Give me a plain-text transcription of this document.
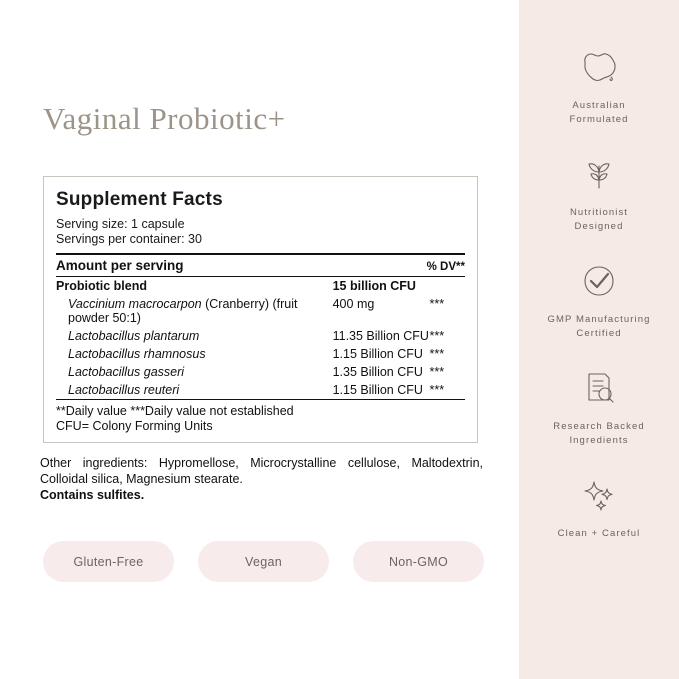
Vaginal Probiotic+
Supplement Facts
Serving size: 1 capsule
Servings per container: 30
Amount per serving	% DV**
Probiotic blend	15 billion CFU	
Vaccinium macrocarpon (Cranberry) (fruit powder 50:1)	400 mg	***
Lactobacillus plantarum	11.35 Billion CFU	***
Lactobacillus rhamnosus	1.15 Billion CFU	***
Lactobacillus gasseri	1.35 Billion CFU	***
Lactobacillus reuteri	1.15 Billion CFU	***
**Daily value ***Daily value not established
CFU= Colony Forming Units
Other ingredients: Hypromellose, Microcrystalline cellulose, Maltodextrin, Colloidal silica, Magnesium stearate.
Contains sulfites.
Gluten-Free	Vegan	Non-GMO
Australian
Formulated
Nutritionist
Designed
GMP Manufacturing
Certified
Research Backed
Ingredients
Clean + Careful
